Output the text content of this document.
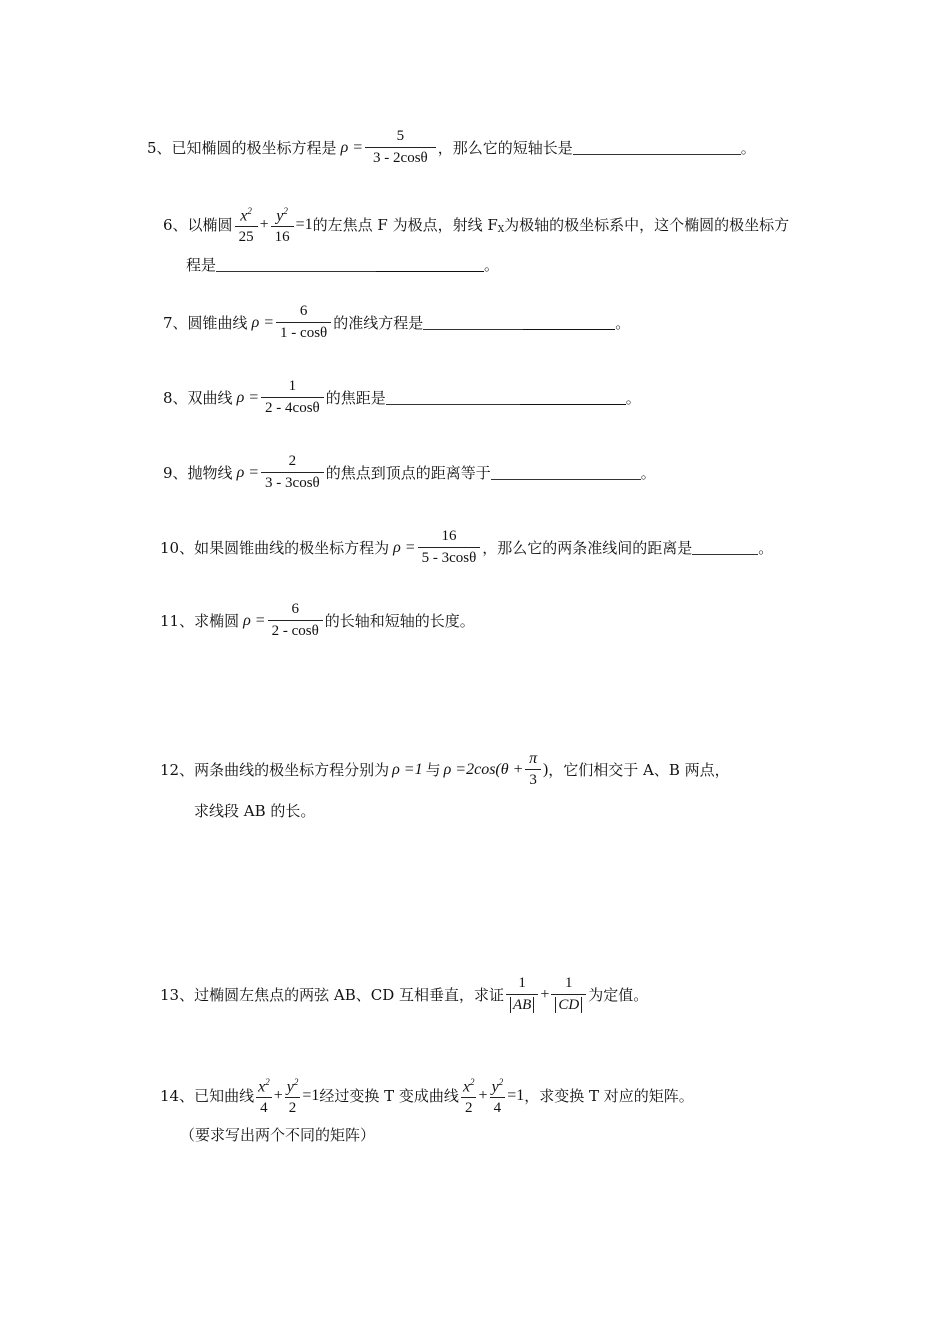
5、 已知椭圆的极坐标方程是 $\rho = \frac{5}{3 - 2\cos\theta}$ ，那么它的短轴长是	。
6、 以椭圆 $\frac{x^2}{25} + \frac{y^2}{16} =1$ 的左焦点 F 为极点，射线 $F_X$ 为极轴的极坐标系中，这个椭圆的极坐标方
程是	。
7、 圆锥曲线 $\rho = \frac{6}{1 - \cos\theta}$ 的准线方程是	。
8、 双曲线 $\rho = \frac{1}{2 - 4\cos\theta}$ 的焦距是	。
9、 抛物线 $\rho = \frac{2}{3 - 3\cos\theta}$ 的焦点到顶点的距离等于	。
10、 如果圆锥曲线的极坐标方程为 $\rho = \frac{16}{5 - 3\cos\theta}$ ，那么它的两条准线间的距离是	。
11、 求椭圆 $\rho = \frac{6}{2 - \cos\theta}$ 的长轴和短轴的长度。
12、 两条曲线的极坐标方程分别为 ρ =1 与 $\rho =2\cos(\theta + \frac{\pi}{3}$ ) ，它们相交于 A、B 两点，
求线段 AB 的长。
13、 过椭圆左焦点的两弦 AB、CD 互相垂直，求证 $\frac{1}{AB} + \frac{1}{CD}$ 为定值。
14、 已知曲线 $\frac{x^2}{4} + \frac{y^2}{2} =1$ 经过变换 T 变成曲线 $\frac{x^2}{2} + \frac{y^2}{4} =1$ ，求变换 T 对应的矩阵。
（要求写出两个不同的矩阵）
